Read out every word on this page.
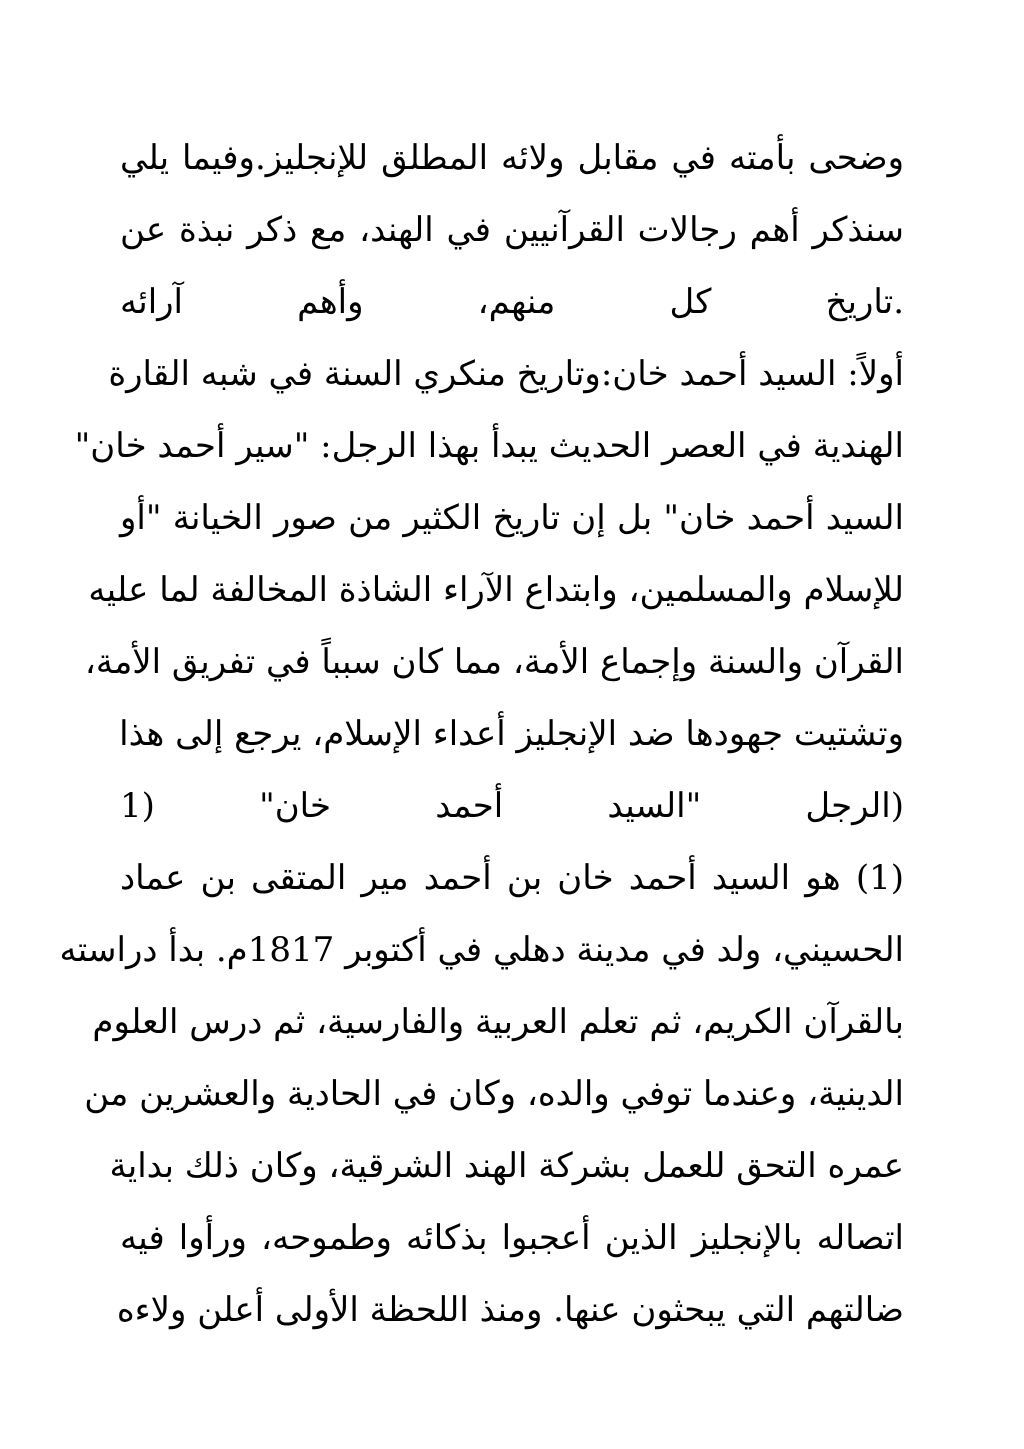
وضحى بأمته في مقابل ولائه المطلق للإنجليز.وفيما يلي
سنذكر أهم رجالات القرآنيين في الهند، مع ذكر نبذة عن
.تاريخ كل منهم، وأهم آرائه
أولاً: السيد أحمد خان:وتاريخ منكري السنة في شبه القارة
الهندية في العصر الحديث يبدأ بهذا الرجل: "سير أحمد خان"
السيد أحمد خان" بل إن تاريخ الكثير من صور الخيانة "أو
للإسلام والمسلمين، وابتداع الآراء الشاذة المخالفة لما عليه
القرآن والسنة وإجماع الأمة، مما كان سبباً في تفريق الأمة،
وتشتيت جهودها ضد الإنجليز أعداء الإسلام، يرجع إلى هذا
(الرجل "السيد أحمد خان" (1
(1) هو السيد أحمد خان بن أحمد مير المتقى بن عماد
الحسيني، ولد في مدينة دهلي في أكتوبر 1817م. بدأ دراسته
بالقرآن الكريم، ثم تعلم العربية والفارسية، ثم درس العلوم
الدينية، وعندما توفي والده، وكان في الحادية والعشرين من
عمره التحق للعمل بشركة الهند الشرقية، وكان ذلك بداية
اتصاله بالإنجليز الذين أعجبوا بذكائه وطموحه، ورأوا فيه
ضالتهم التي يبحثون عنها. ومنذ اللحظة الأولى أعلن ولاءه
